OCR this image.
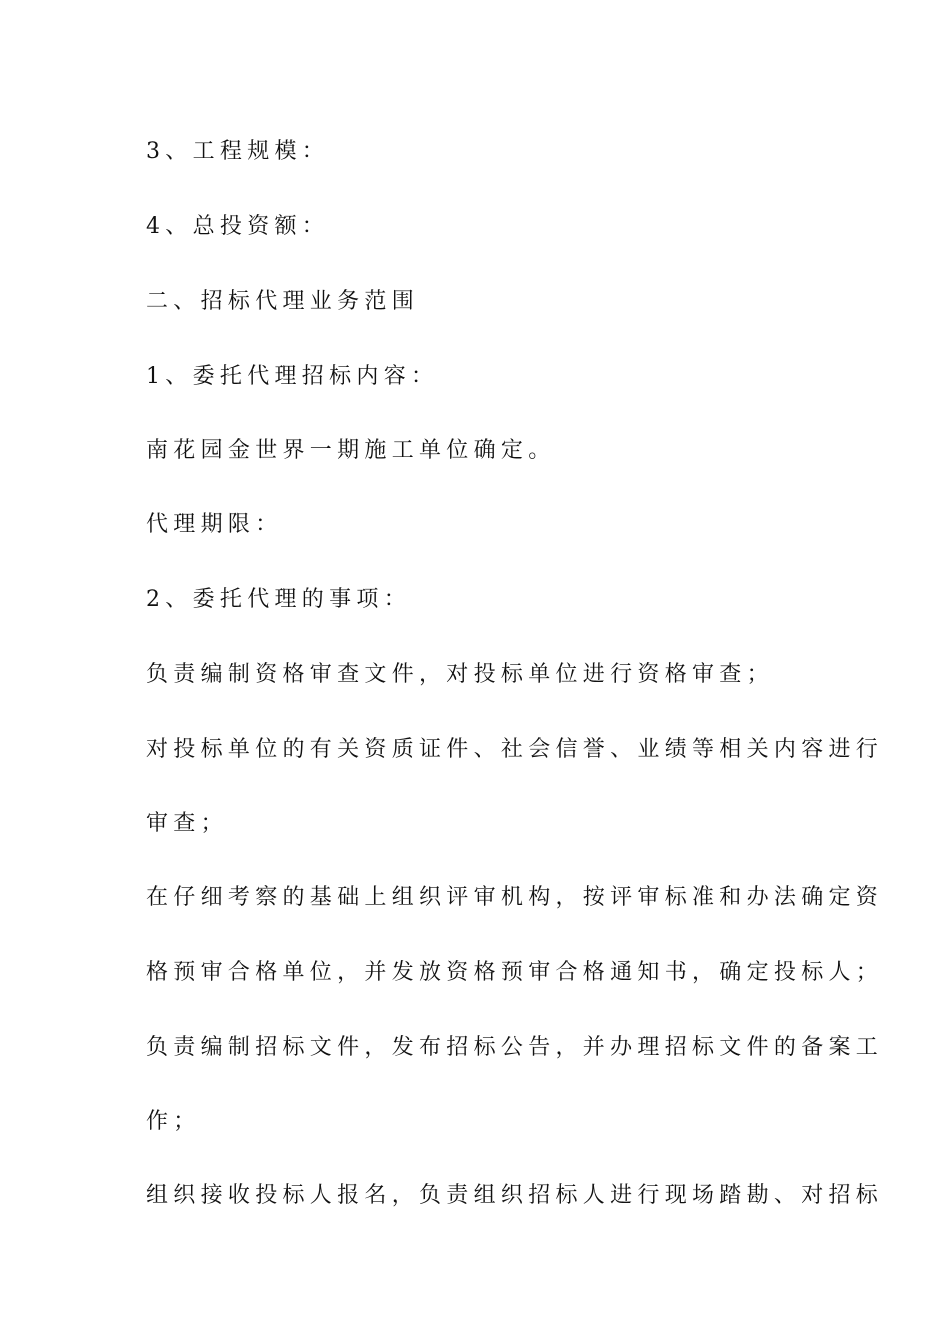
3、工程规模：

4、总投资额：

二、招标代理业务范围

1、委托代理招标内容：

南花园金世界一期施工单位确定。

代理期限：

2、委托代理的事项：

负责编制资格审查文件，对投标单位进行资格审查；

对投标单位的有关资质证件、社会信誉、业绩等相关内容进行

审查；

在仔细考察的基础上组织评审机构，按评审标准和办法确定资

格预审合格单位，并发放资格预审合格通知书，确定投标人；

负责编制招标文件，发布招标公告，并办理招标文件的备案工

作；

组织接收投标人报名，负责组织招标人进行现场踏勘、对招标
